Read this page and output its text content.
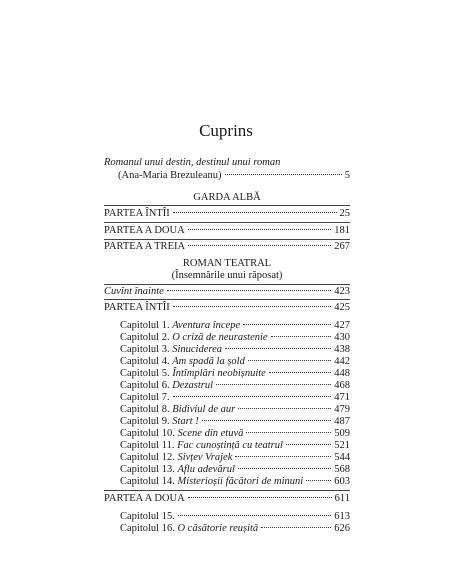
Cuprins
Romanul unui destin, destinul unui roman
(Ana-Maria Brezuleanu)	5
GARDA ALBĂ
PARTEA ÎNTÎI	25
PARTEA A DOUA	181
PARTEA A TREIA	267
ROMAN TEATRAL
(Însemnările unui răposat)
Cuvînt înainte	423
PARTEA ÎNTÎI	425
Capitolul 1. Aventura începe	427
Capitolul 2. O criză de neurastenie	430
Capitolul 3. Sinuciderea	438
Capitolul 4. Am spadă la șold	442
Capitolul 5. Întîmplări neobișnuite	448
Capitolul 6. Dezastrul	468
Capitolul 7.	471
Capitolul 8. Bidiviul de aur	479
Capitolul 9. Start !	487
Capitolul 10. Scene din etuvă	509
Capitolul 11. Fac cunoștință cu teatrul	521
Capitolul 12. Sivțev Vrajek	544
Capitolul 13. Aflu adevărul	568
Capitolul 14. Misterioșii făcători de minuni	603
PARTEA A DOUA	611
Capitolul 15.	613
Capitolul 16. O căsătorie reușită	626
